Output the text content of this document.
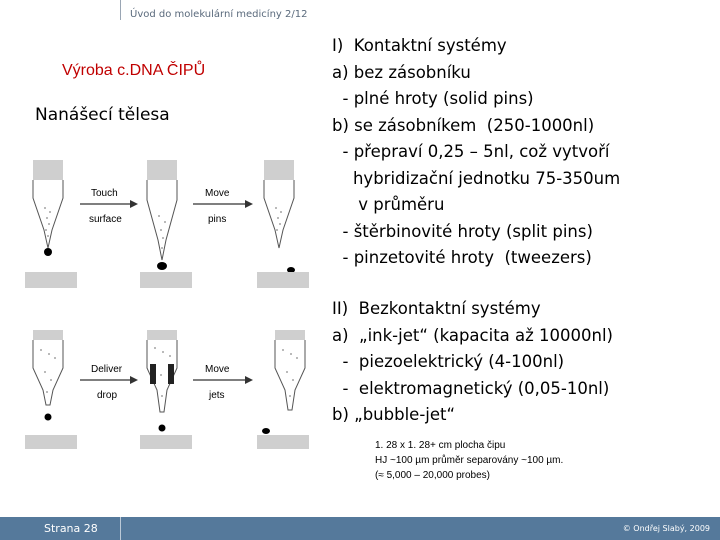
Úvod do molekulární medicíny 2/12
Výroba c.DNA ČIPŮ
Nanášecí tělesa
Touch
surface
Move
pins
Deliver
drop
Move
jets
I)  Kontaktní systémy
a) bez zásobníku
- plné hroty (solid pins)
b) se zásobníkem  (250-1000nl)
- přepraví 0,25 – 5nl, což vytvoří
hybridizační jednotku 75-350um
v průměru
- štěrbinovité hroty (split pins)
- pinzetovité hroty  (tweezers)
II)  Bezkontaktní systémy
a)  „ink-jet“ (kapacita až 10000nl)
-  piezoelektrický (4-100nl)
-  elektromagnetický (0,05-10nl)
b) „bubble-jet“
1. 28 x 1. 28+ cm plocha čipu
HJ ~100 µm průměr separovány ~100 µm.
(≈ 5,000 – 20,000 probes)
Strana 28	© Ondřej Slabý, 2009
